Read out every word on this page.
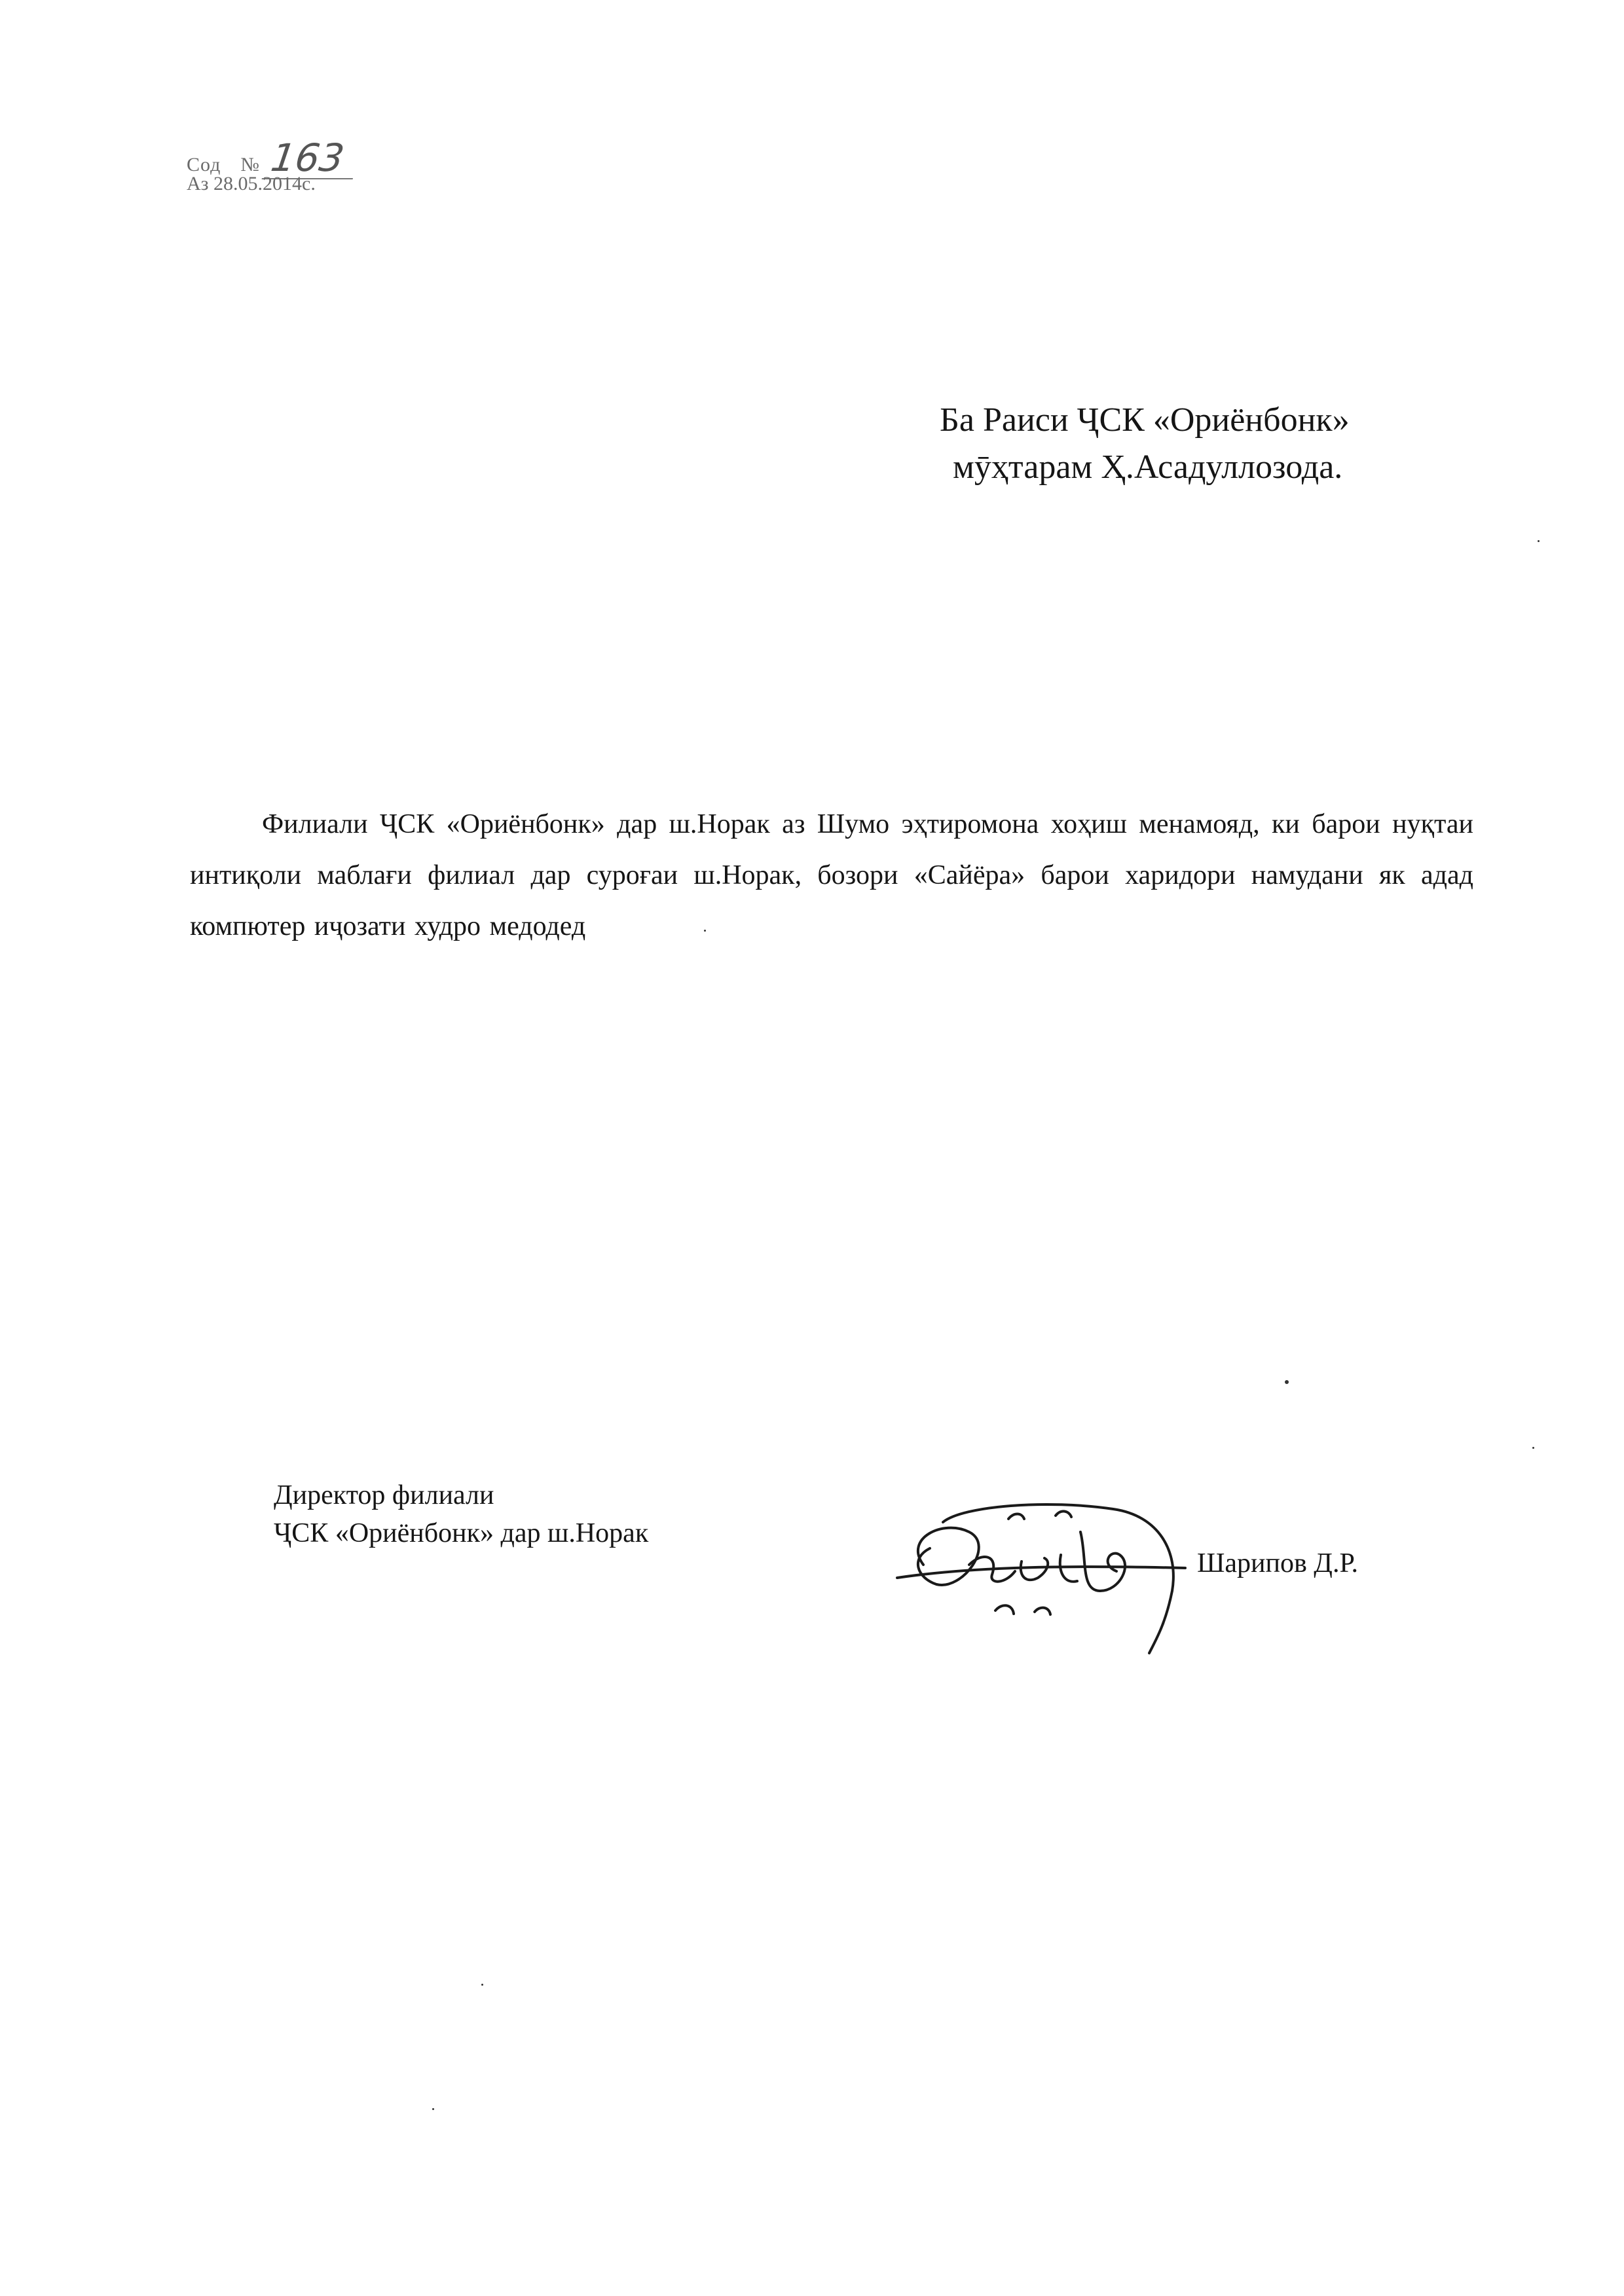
Сод № 163
Аз 28.05.2014с.
Ба Раиси ҶСК «Ориёнбонк»
мӯҳтарам Ҳ.Асадуллозода.

Филиали ҶСК «Ориёнбонк» дар ш.Норак аз Шумо эҳтиромона хоҳиш менамояд, ки барои нуқтаи интиқоли маблағи филиал дар суроғаи ш.Норак, бозори «Сайёра» барои харидори намудани як адад компютер иҷозати худро медодед

Директор филиали
ҶСК «Ориёнбонк» дар ш.Норак
Шарипов Д.Р.
